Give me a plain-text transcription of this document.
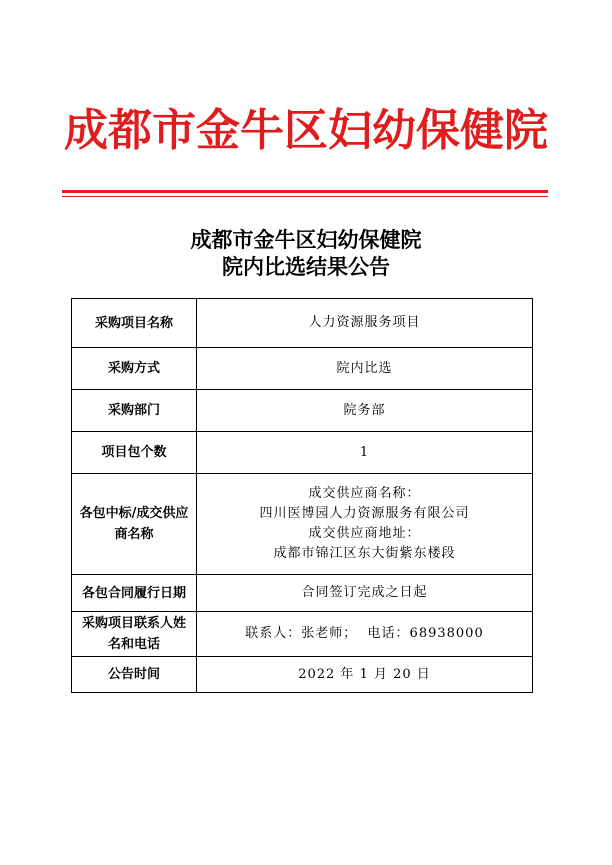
成都市金牛区妇幼保健院
成都市金牛区妇幼保健院
院内比选结果公告
采购项目名称	人力资源服务项目
采购方式	院内比选
采购部门	院务部
项目包个数	1

各包中标/成交供应
商名称	成交供应商名称：
四川医博园人力资源服务有限公司
成交供应商地址：
成都市锦江区东大街紫东楼段

各包合同履行日期	合同签订完成之日起

采购项目联系人姓
名和电话	联系人：张老师；  电话：68938000
公告时间	2022 年 1 月 20 日
